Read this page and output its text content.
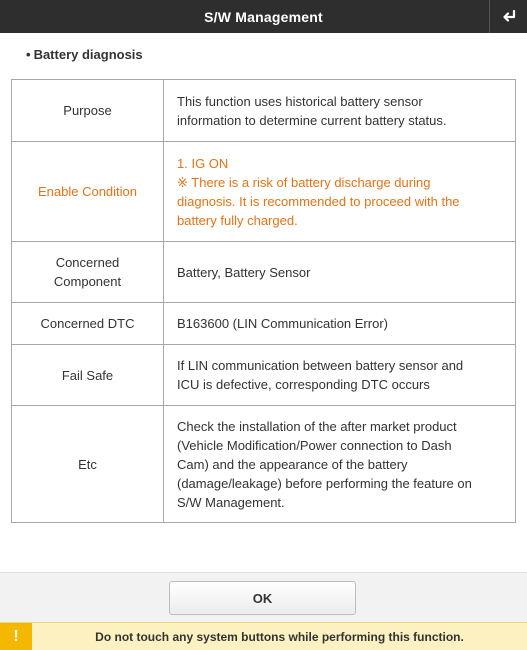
S/W Management
• Battery diagnosis
Purpose	This function uses historical battery sensor
information to determine current battery status.

Enable Condition	1. IG ON
※ There is a risk of battery discharge during
diagnosis. It is recommended to proceed with the
battery fully charged.

Concerned
Component	Battery, Battery Sensor

Concerned DTC	B163600 (LIN Communication Error)

Fail Safe	If LIN communication between battery sensor and
ICU is defective, corresponding DTC occurs

Etc	Check the installation of the after market product
(Vehicle Modification/Power connection to Dash
Cam) and the appearance of the battery
(damage/leakage) before performing the feature on
S/W Management.
OK
!	Do not touch any system buttons while performing this function.
